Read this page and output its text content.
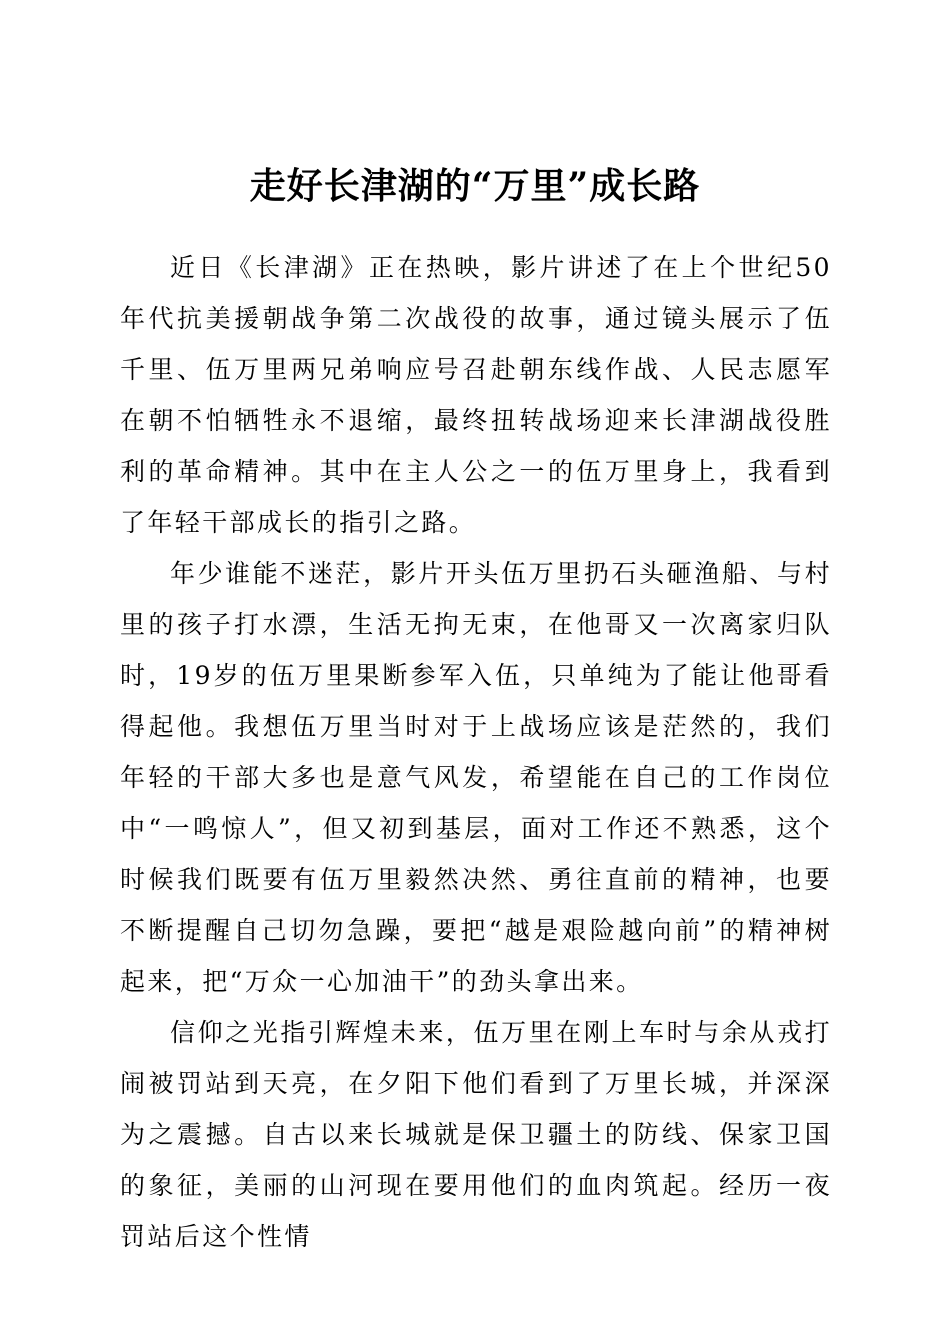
走好长津湖的“万里”成长路

近日《长津湖》正在热映，影片讲述了在上个世纪50年代抗美援朝战争第二次战役的故事，通过镜头展示了伍千里、伍万里两兄弟响应号召赴朝东线作战、人民志愿军在朝不怕牺牲永不退缩，最终扭转战场迎来长津湖战役胜利的革命精神。其中在主人公之一的伍万里身上，我看到了年轻干部成长的指引之路。

年少谁能不迷茫，影片开头伍万里扔石头砸渔船、与村里的孩子打水漂，生活无拘无束，在他哥又一次离家归队时，19岁的伍万里果断参军入伍，只单纯为了能让他哥看得起他。我想伍万里当时对于上战场应该是茫然的，我们年轻的干部大多也是意气风发，希望能在自己的工作岗位中“一鸣惊人”，但又初到基层，面对工作还不熟悉，这个时候我们既要有伍万里毅然决然、勇往直前的精神，也要不断提醒自己切勿急躁，要把“越是艰险越向前”的精神树起来，把“万众一心加油干”的劲头拿出来。

信仰之光指引辉煌未来，伍万里在刚上车时与余从戎打闹被罚站到天亮，在夕阳下他们看到了万里长城，并深深为之震撼。自古以来长城就是保卫疆土的防线、保家卫国的象征，美丽的山河现在要用他们的血肉筑起。经历一夜罚站后这个性情
